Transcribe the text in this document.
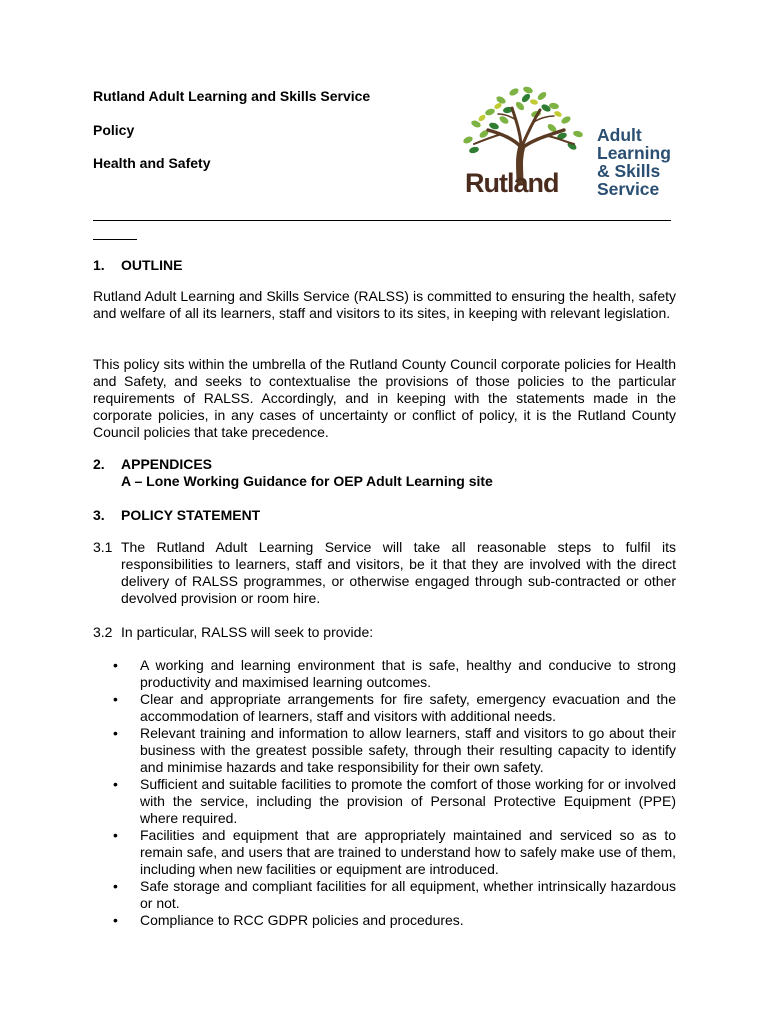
Rutland Adult Learning and Skills Service
Policy
Health and Safety
Rutland
Adult
Learning
& Skills
Service
1. OUTLINE

Rutland Adult Learning and Skills Service (RALSS) is committed to ensuring the health, safety and welfare of all its learners, staff and visitors to its sites, in keeping with relevant legislation.

This policy sits within the umbrella of the Rutland County Council corporate policies for Health and Safety, and seeks to contextualise the provisions of those policies to the particular requirements of RALSS. Accordingly, and in keeping with the statements made in the corporate policies, in any cases of uncertainty or conflict of policy, it is the Rutland County Council policies that take precedence.

2. APPENDICES
A – Lone Working Guidance for OEP Adult Learning site
3. POLICY STATEMENT

3.1 The Rutland Adult Learning Service will take all reasonable steps to fulfil its responsibilities to learners, staff and visitors, be it that they are involved with the direct delivery of RALSS programmes, or otherwise engaged through sub-contracted or other devolved provision or room hire.

3.2 In particular, RALSS will seek to provide:

• A working and learning environment that is safe, healthy and conducive to strong productivity and maximised learning outcomes.
• Clear and appropriate arrangements for fire safety, emergency evacuation and the accommodation of learners, staff and visitors with additional needs.
• Relevant training and information to allow learners, staff and visitors to go about their business with the greatest possible safety, through their resulting capacity to identify and minimise hazards and take responsibility for their own safety.
• Sufficient and suitable facilities to promote the comfort of those working for or involved with the service, including the provision of Personal Protective Equipment (PPE) where required.
• Facilities and equipment that are appropriately maintained and serviced so as to remain safe, and users that are trained to understand how to safely make use of them, including when new facilities or equipment are introduced.
• Safe storage and compliant facilities for all equipment, whether intrinsically hazardous or not.
• Compliance to RCC GDPR policies and procedures.
